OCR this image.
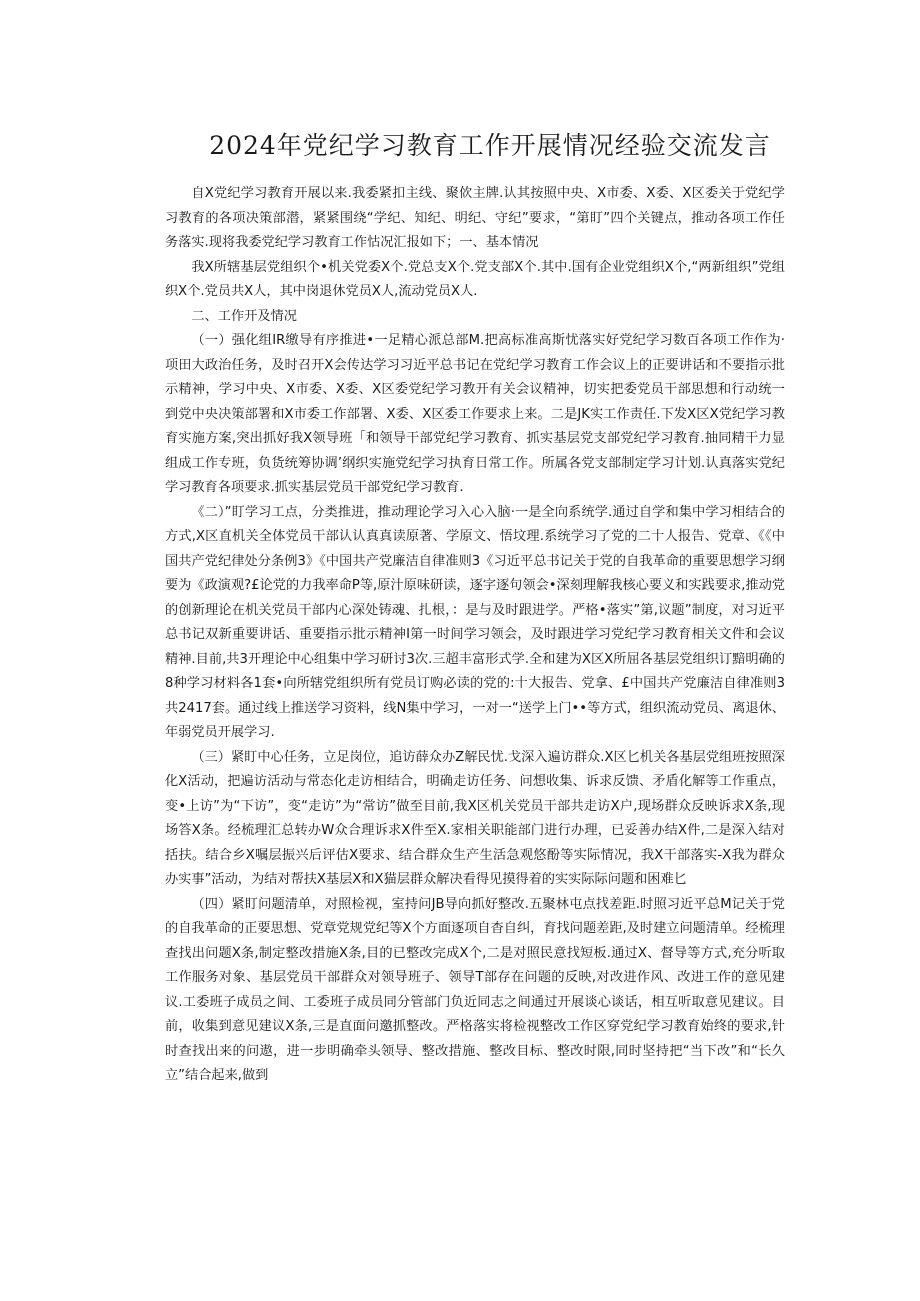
2024年党纪学习教育工作开展情况经验交流发言

自X党纪学习教育开展以来.我委紧扣主线、聚佽主牌.认其按照中央、X市委、X委、X区委关于党纪学习教育的各项决策部潜，紧紧围绕“学纪、知纪、明纪、守纪”要求，“第盯”四个关键点，推动各项工作任务落实.现将我委党纪学习教育工作怙况汇报如下；一、基本情况

我X所辖基层党组织个•机关党委X个.党总支X个.党支部X个.其中.国有企业党组织X个,“两新组织”党组织X个.党员共X人，其中岗退休党员X人,流动党员X人.

二、工作开及情况

（一）强化组IR缴导有序推进•一足精心派总部M.把高标准高斯忧落实好党纪学习数百各项工作作为·项田大政治任务，及时召开X会传达学习习近平总书记在党纪学习教育工作会议上的正要讲话和不要指示批示精神，学习中央、X市委、X委、X区委党纪学习教开有关会议精神，切实把委党员干部思想和行动统一到党中央决策部署和X市委工作部署、X委、X区委工作要求上来。二是JK实工作责任.下发X区X党纪学习教育实施方案,突出抓好我X领导班「和领导干部党纪学习教育、抓实基层党支部党纪学习教育.抽同精干力显组成工作专班，负货统筹协调’纲织实施党纪学习执育日常工作。所属各党支部制定学习计划.认真落实党纪学习教育各项要求.抓实基层党员干部党纪学习教育.

《二）”盯学习工点，分类推进，推动理论学习入心入脑·一是全向系统学.通过自学和集中学习相结合的方式,X区直机关全体党员干部认认真真读原著、学原文、悟坟理.系统学习了党的二十人报告、党章、《《中国共产党纪律处分条例3》《中国共产党廉洁自律准则3《习近平总书记关于党的自我革命的重要思想学习纲要为《政演观?£论党的力我率命P等,原汁原味研读，逐字逐句领会•深刻理解我核心要义和实践要求,推动党的创新理论在机关党员干部内心深处铸魂、扎根，：是与及时跟进学。严格•落实”第,议题”制度，对习近平总书记双新重要讲话、重要指示批示精神I第一时间学习领会，及时跟进学习党纪学习教育相关文件和会议精神.目前,共3开理论中心组集中学习研讨3次.三超丰富形式学.全和建为X区X所屈各基层党组织订黯明确的8种学习材料各1套•向所辖党组织所有党员订购必读的党的:十大报告、党拿、£中国共产党廉洁自律准则3共2417套。通过线上推送学习资料，线N集中学习，一对一“送学上门••等方式，组织流动党员、离退休、年弱党员开展学习.

（三）紧盯中心任务，立足岗位，追访薛众办Z解民忧.戈深入遍访群众.X区匕机关各基层党组班按照深化X活动，把遍访活动与常态化走访相结合，明确走访任务、问想收集、诉求反馈、矛盾化解等工作重点，变•上访”为“下访”，变“走访”为“常访”做至目前,我X区机关党员干部共走访X户,现场群众反映诉求X条,现场答X条。经梳理汇总转办W众合理诉求X件至X.家相关职能部门进行办理，已妥善办结X件,二是深入结对括扶。结合乡X嘱层振兴后评估X要求、结合群众生产生活急观悠酚等实际情况，我X干部落实-X我为群众办实事”活动，为结对帮扶X基层X和X猫层群众解决看得见摸得着的实实际际问题和困难匕

（四）紧盯问题清单，对照检视，室持问JB导向抓好整改.五聚林屯点找差距.时照习近平总M记关于党的自我革命的正要思想、党章党规党纪等X个方面逐项自杳自纠，育找问题差距,及时建立问题清单。经梳理查找出问题X条,制定整改措施X条,目的已整改完成X个,二是对照民意找短板.通过X、督导等方式,充分听取工作服务对象、基层党员干部群众对领导班子、领导T部存在问题的反映,对改进作风、改进工作的意见建议.工委班子成员之间、工委班子成员同分管部门负近同志之间通过开展谈心谈话，相互听取意见建议。目前，收集到意见建议X条,三是直面问邀抓整改。严格落实将检视整改工作区穿党纪学习教育始终的要求,针时查找出来的问遨，进一步明确牵头领导、整改措施、整改目标、整改时限,同时坚持把“当下改”和“长久立”结合起来,做到
